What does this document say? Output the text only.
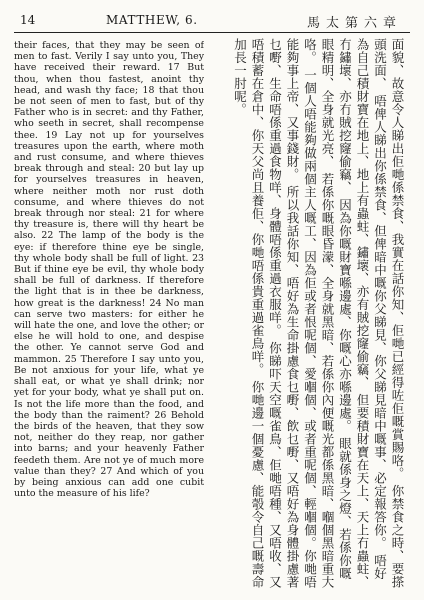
14	MATTHEW, 6.	馬太第六章
their faces, that they may be seen of men to fast. Verily I say unto you, They have received their reward. 17 But thou, when thou fastest, anoint thy head, and wash thy face; 18 that thou be not seen of men to fast, but of thy Father who is in secret: and thy Father, who seeth in secret, shall recompense thee. 19 Lay not up for yourselves treasures upon the earth, where moth and rust consume, and where thieves break through and steal: 20 but lay up for yourselves treasures in heaven, where neither moth nor rust doth consume, and where thieves do not break through nor steal: 21 for where thy treasure is, there will thy heart be also. 22 The lamp of the body is the eye: if therefore thine eye be single, thy whole body shall be full of light. 23 But if thine eye be evil, thy whole body shall be full of darkness. If therefore the light that is in thee be darkness, how great is the darkness! 24 No man can serve two masters: for either he will hate the one, and love the other; or else he will hold to one, and despise the other. Ye cannot serve God and mammon. 25 Therefore I say unto you, Be not anxious for your life, what ye shall eat, or what ye shall drink; nor yet for your body, what ye shall put on. Is not the life more than the food, and the body than the raiment? 26 Behold the birds of the heaven, that they sow not, neither do they reap, nor gather into barns; and your heavenly Father feedeth them. Are not ye of much more value than they? 27 And which of you by being anxious can add one cubit unto the measure of his life?
面貌、故意令人睇出佢哋係禁食、我實在話你知、佢哋已經得咗佢嘅賞賜咯。 你禁食之時、要搽頭洗面、 唔俾人睇出你係禁食、但俾暗中嘅你父睇見、你父睇見暗中嘅事、必定報答你。 唔好為自己積財寶在地上、地上有蟲蛀、鏽壞、亦有賊挖窿偷竊、 但要積財寶在天上、天上冇蟲蛀、冇鏽壞、亦冇賊挖窿偷竊、 因為你嘅財寶喺邊處、你嘅心亦喺邊處。 眼就係身之燈、若係你嘅眼精明、全身就光亮、 若係你嘅眼昏濛、全身就黑暗、若係你內便嘅光都係黑暗、嗰個黑暗重大咯。 一個人唔能夠做兩個主人嘅工、因為佢或者恨呢個、愛嗰個、或者重呢個、輕嗰個。你哋唔能夠事上帝、又事錢財。 所以我話你知、唔好為生命掛慮食乜嘢、飲乜嘢、又唔好為身體掛慮著乜嘢、生命唔係重過食物咩、身體唔係重過衣服咩。 你睇吓天空嘅雀鳥、佢哋唔種、又唔收、又唔積蓄在倉中、你天父尚且養佢、你哋唔係貴重過雀鳥咩。 你哋邊一個憂慮、能彀令自己嘅壽命加長一肘呢。
